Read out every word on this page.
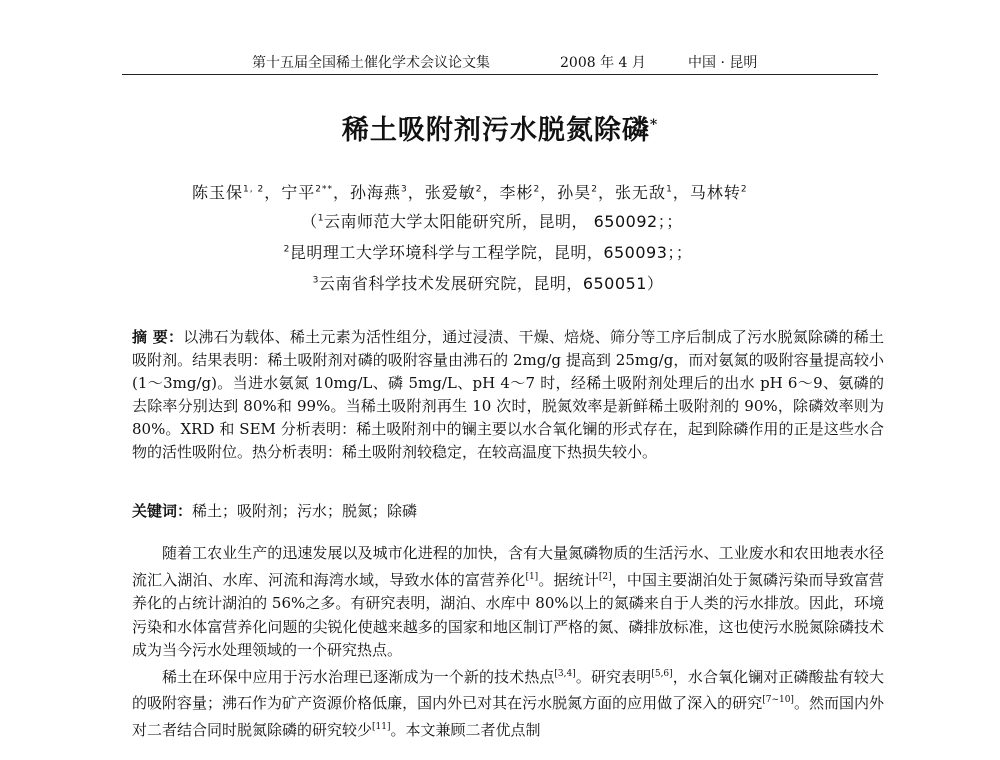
第十五届全国稀土催化学术会议论文集	2008 年 4 月	中国 · 昆明
稀土吸附剂污水脱氮除磷*
陈玉保$^{1, 2}$，宁平$^{2**}$，孙海燕$^3$，张爱敏$^2$，李彬$^2$，孙昊$^2$，张无敌$^1$，马林转$^2$
（$^1$云南师范大学太阳能研究所，昆明， 650092；；
$^2$昆明理工大学环境科学与工程学院，昆明，650093；；
$^3$云南省科学技术发展研究院，昆明，650051）
摘 要：以沸石为载体、稀土元素为活性组分，通过浸渍、干燥、焙烧、筛分等工序后制成了污水脱氮除磷的稀土吸附剂。结果表明：稀土吸附剂对磷的吸附容量由沸石的 2mg/g 提高到 25mg/g，而对氨氮的吸附容量提高较小(1～3mg/g)。当进水氨氮 10mg/L、磷 5mg/L、pH 4～7 时，经稀土吸附剂处理后的出水 pH 6～9、氨磷的去除率分别达到 80%和 99%。当稀土吸附剂再生 10 次时，脱氮效率是新鲜稀土吸附剂的 90%，除磷效率则为 80%。XRD 和 SEM 分析表明：稀土吸附剂中的镧主要以水合氧化镧的形式存在，起到除磷作用的正是这些水合物的活性吸附位。热分析表明：稀土吸附剂较稳定，在较高温度下热损失较小。
关键词：稀土；吸附剂；污水；脱氮；除磷

随着工农业生产的迅速发展以及城市化进程的加快，含有大量氮磷物质的生活污水、工业废水和农田地表水径流汇入湖泊、水库、河流和海湾水域，导致水体的富营养化[1]。据统计[2]，中国主要湖泊处于氮磷污染而导致富营养化的占统计湖泊的 56%之多。有研究表明，湖泊、水库中 80%以上的氮磷来自于人类的污水排放。因此，环境污染和水体富营养化问题的尖锐化使越来越多的国家和地区制订严格的氮、磷排放标准，这也使污水脱氮除磷技术成为当今污水处理领域的一个研究热点。

稀土在环保中应用于污水治理已逐渐成为一个新的技术热点[3,4]。研究表明[5,6]，水合氧化镧对正磷酸盐有较大的吸附容量；沸石作为矿产资源价格低廉，国内外已对其在污水脱氮方面的应用做了深入的研究[7~10]。然而国内外对二者结合同时脱氮除磷的研究较少[11]。本文兼顾二者优点制
